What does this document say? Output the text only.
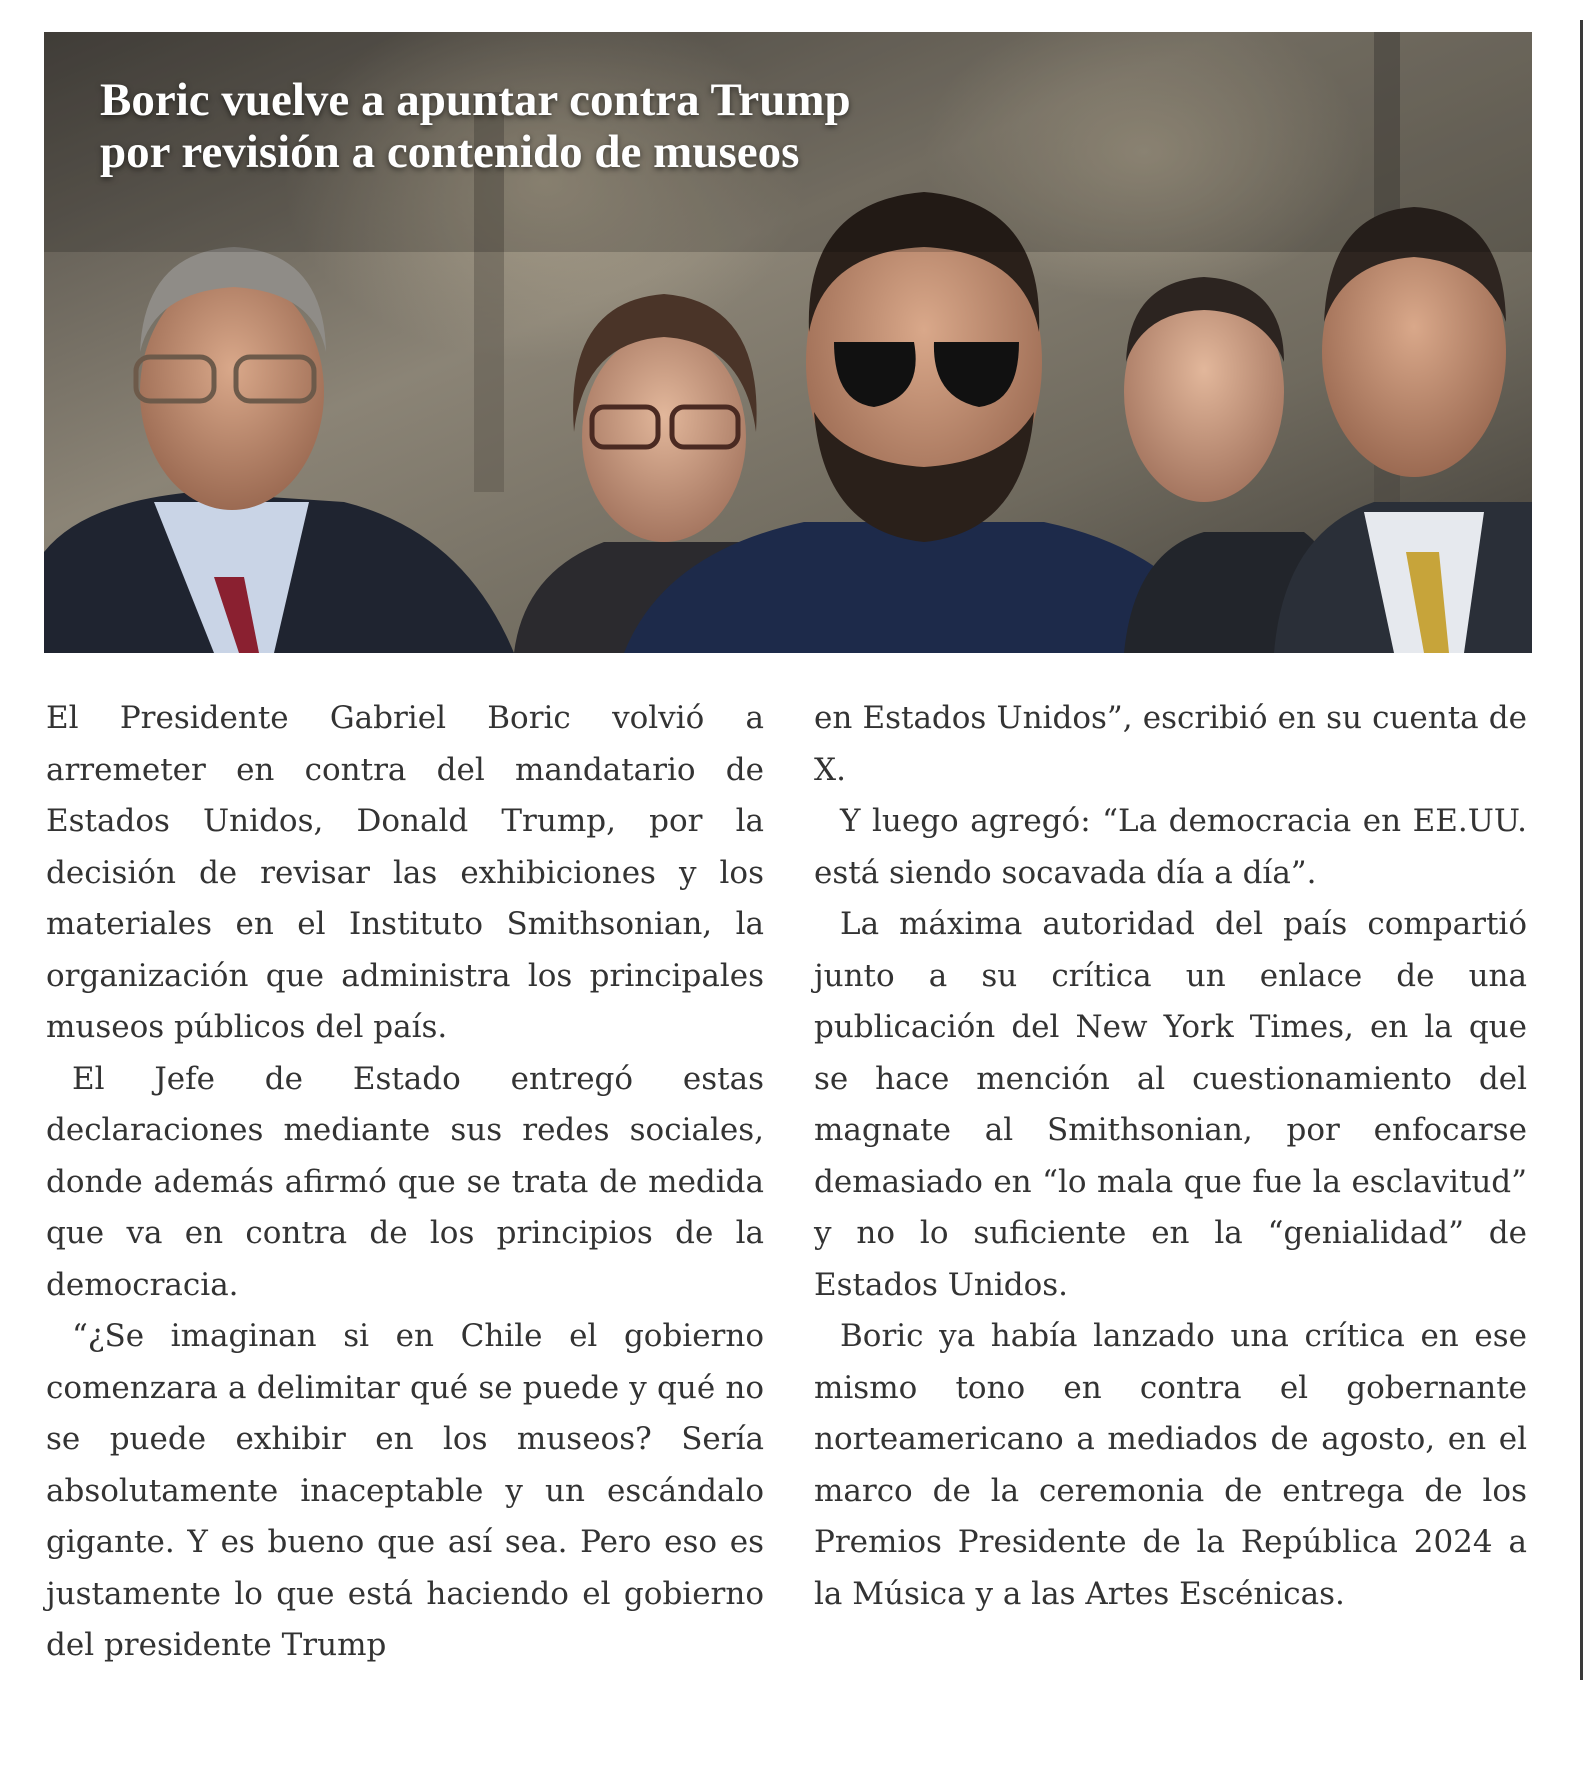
Boric vuelve a apuntar contra Trump
por revisión a contenido de museos

El Presidente Gabriel Boric volvió a arremeter en contra del mandatario de Estados Unidos, Donald Trump, por la decisión de revisar las exhibiciones y los materiales en el Instituto Smithsonian, la organización que administra los principales museos públicos del país.

El Jefe de Estado entregó estas declaraciones mediante sus redes sociales, donde además afirmó que se trata de medida que va en contra de los principios de la democracia.

“¿Se imaginan si en Chile el gobierno comenzara a delimitar qué se puede y qué no se puede exhibir en los museos? Sería absolutamente inaceptable y un escándalo gigante. Y es bueno que así sea. Pero eso es justamente lo que está haciendo el gobierno del presidente Trump

en Estados Unidos”, escribió en su cuenta de X.

Y luego agregó: “La democracia en EE.UU. está siendo socavada día a día”.

La máxima autoridad del país compartió junto a su crítica un enlace de una publicación del New York Times, en la que se hace mención al cuestionamiento del magnate al Smithsonian, por enfocarse demasiado en “lo mala que fue la esclavitud” y no lo suficiente en la “genialidad” de Estados Unidos.

Boric ya había lanzado una crítica en ese mismo tono en contra el gobernante norteamericano a mediados de agosto, en el marco de la ceremonia de entrega de los Premios Presidente de la República 2024 a la Música y a las Artes Escénicas.
